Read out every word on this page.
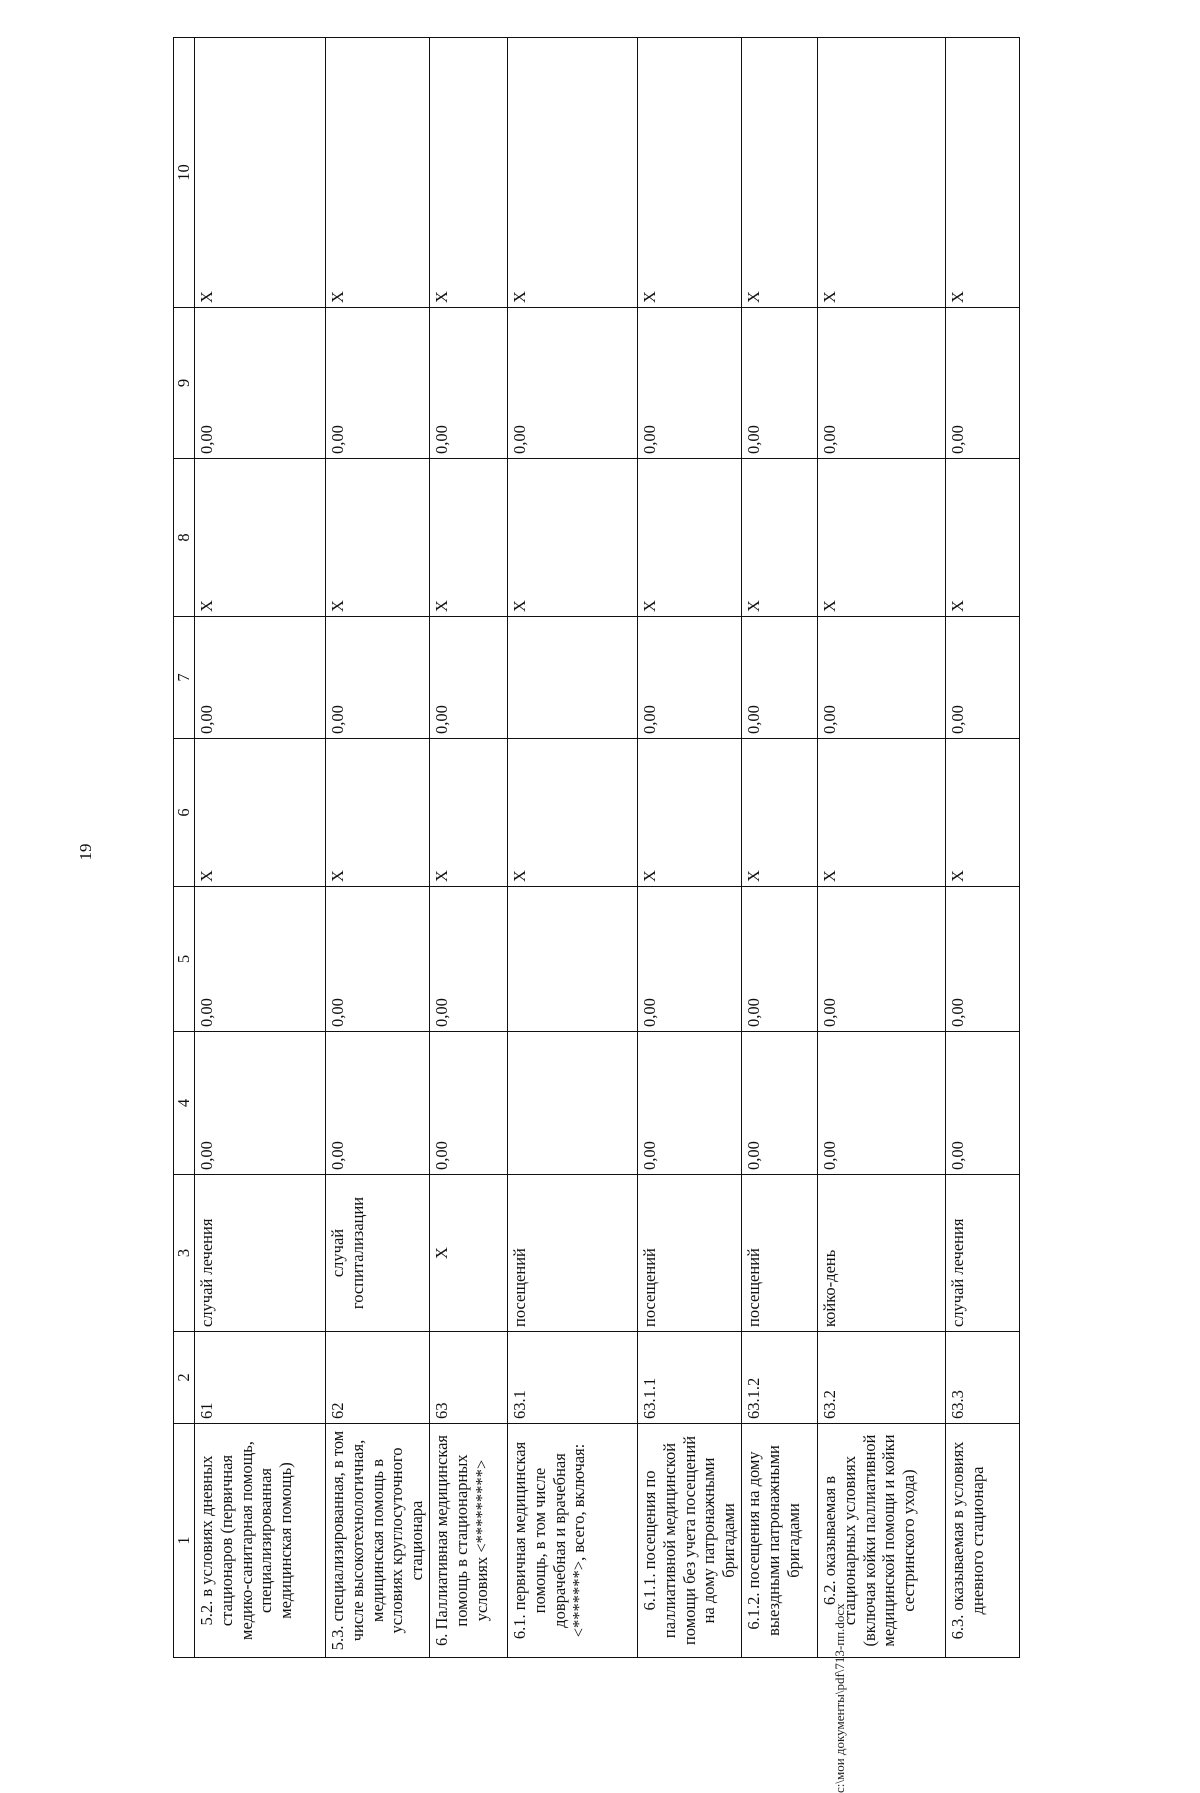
19
1	2	3	4	5	6	7	8	9	10
5.2. в условиях дневных стационаров (первичная медико-санитарная помощь, специализированная медицинская помощь)	61	случай лечения	0,00	0,00	X	0,00	X	0,00	X
5.3. специализированная, в том числе высокотехнологичная, медицинская помощь в условиях круглосуточного стационара	62	случай госпитализации	0,00	0,00	X	0,00	X	0,00	X
6. Паллиативная медицинская помощь в стационарных условиях <*********>	63	X	0,00	0,00	X	0,00	X	0,00	X
6.1. первичная медицинская помощь, в том числе доврачебная и врачебная <*******>, всего, включая:	63.1	посещений			X		X	0,00	X
6.1.1. посещения по паллиативной медицинской помощи без учета посещений на дому патронажными бригадами	63.1.1	посещений	0,00	0,00	X	0,00	X	0,00	X
6.1.2. посещения на дому выездными патронажными бригадами	63.1.2	посещений	0,00	0,00	X	0,00	X	0,00	X
6.2. оказываемая в стационарных условиях (включая койки паллиативной медицинской помощи и койки сестринского ухода)	63.2	койко-день	0,00	0,00	X	0,00	X	0,00	X
6.3. оказываемая в условиях дневного стационара	63.3	случай лечения	0,00	0,00	X	0,00	X	0,00	X
c:\мои документы\pdf\713-пп.docx
